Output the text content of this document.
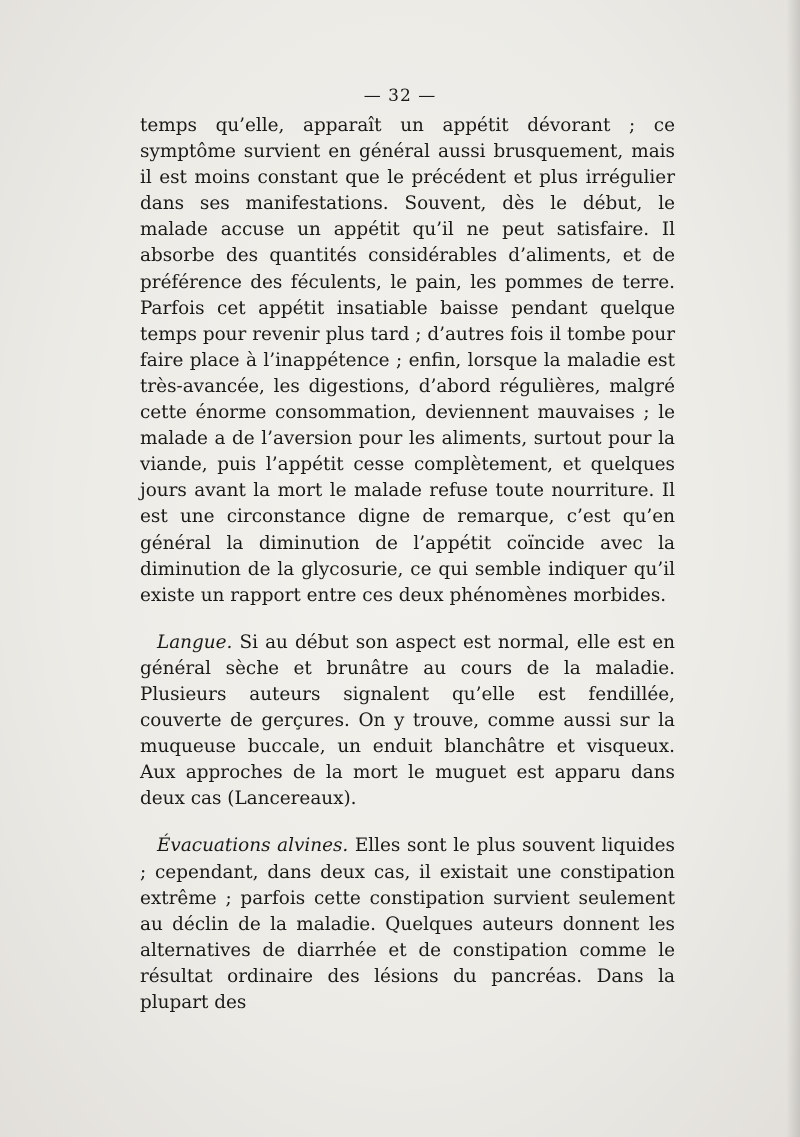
— 32 —

temps qu’elle, apparaît un appétit dévorant ; ce symptôme survient en général aussi brusquement, mais il est moins constant que le précédent et plus irrégulier dans ses manifestations. Souvent, dès le début, le malade accuse un appétit qu’il ne peut satisfaire. Il absorbe des quantités considérables d’aliments, et de préférence des féculents, le pain, les pommes de terre. Parfois cet appétit insatiable baisse pendant quelque temps pour revenir plus tard ; d’autres fois il tombe pour faire place à l’inappétence ; enfin, lorsque la maladie est très-avancée, les digestions, d’abord régulières, malgré cette énorme consommation, deviennent mauvaises ; le malade a de l’aversion pour les aliments, surtout pour la viande, puis l’appétit cesse complètement, et quelques jours avant la mort le malade refuse toute nourriture. Il est une circonstance digne de remarque, c’est qu’en général la diminution de l’appétit coïncide avec la diminution de la glycosurie, ce qui semble indiquer qu’il existe un rapport entre ces deux phénomènes morbides.

Langue. Si au début son aspect est normal, elle est en général sèche et brunâtre au cours de la maladie. Plusieurs auteurs signalent qu’elle est fendillée, couverte de gerçures. On y trouve, comme aussi sur la muqueuse buccale, un enduit blanchâtre et visqueux. Aux approches de la mort le muguet est apparu dans deux cas (Lancereaux).

Évacuations alvines. Elles sont le plus souvent liquides ; cependant, dans deux cas, il existait une constipation extrême ; parfois cette constipation survient seulement au déclin de la maladie. Quelques auteurs donnent les alternatives de diarrhée et de constipation comme le résultat ordinaire des lésions du pancréas. Dans la plupart des
